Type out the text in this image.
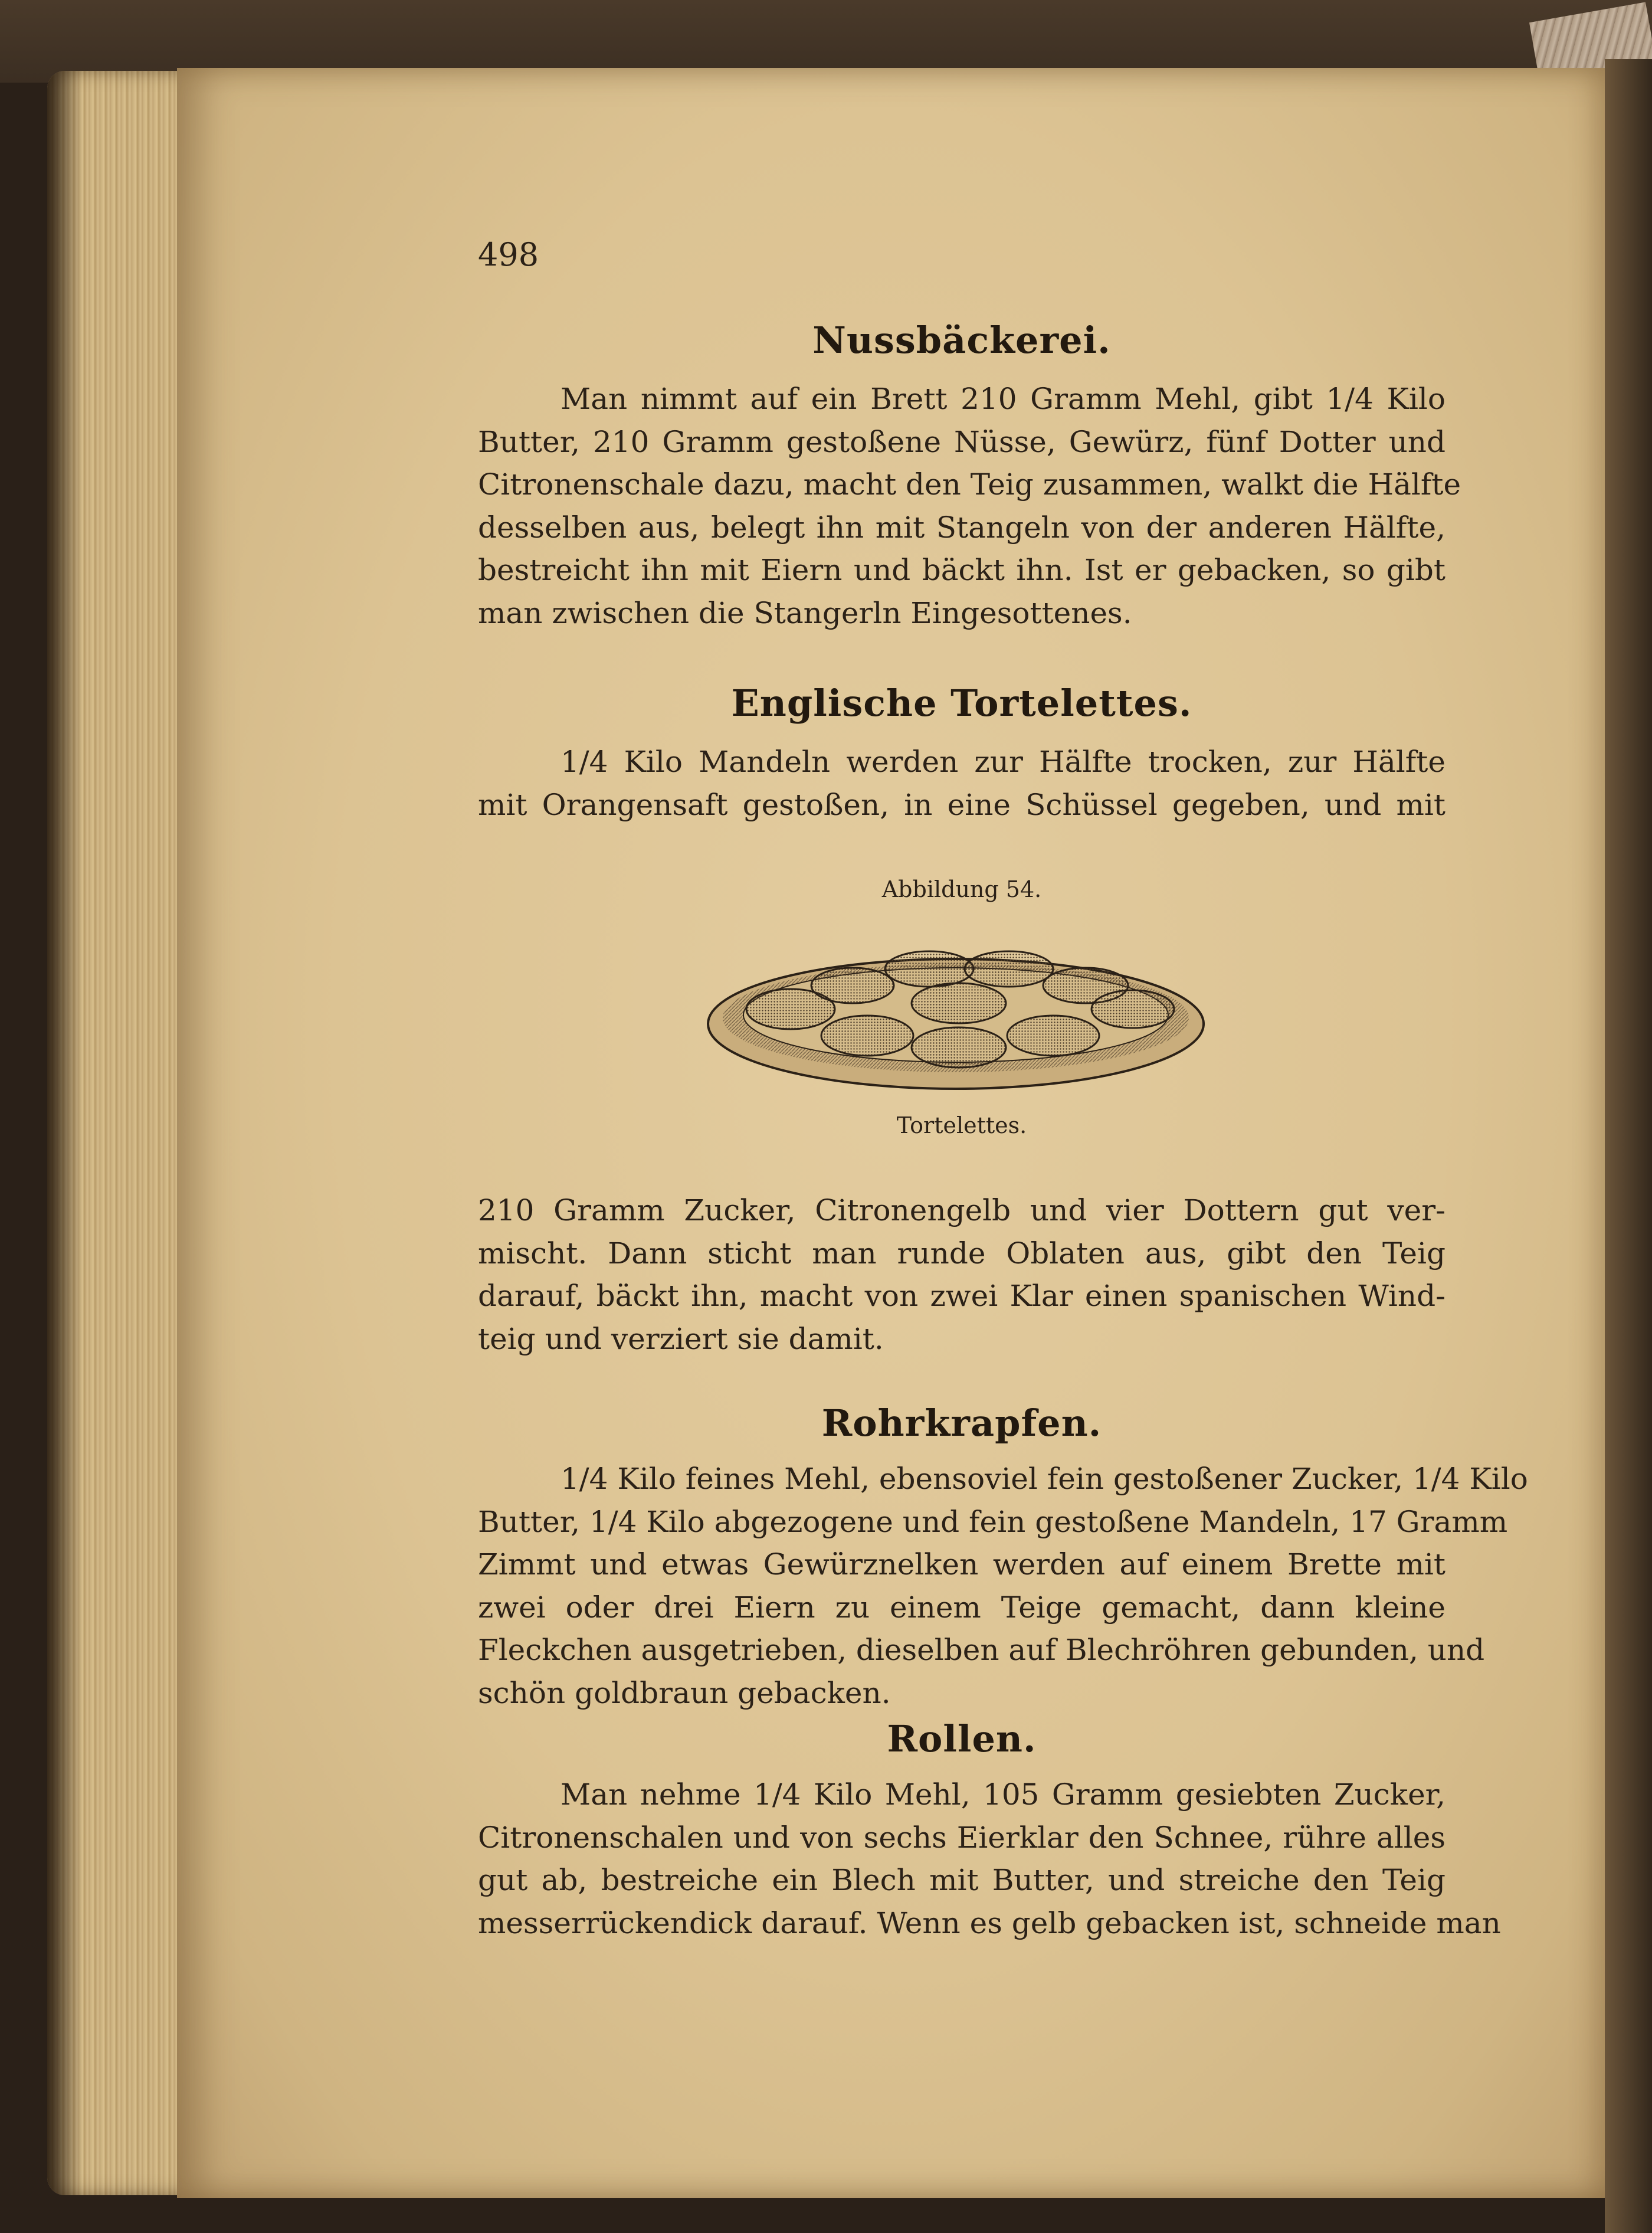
498
Nussbäckerei.
Man nimmt auf ein Brett 210 Gramm Mehl, gibt 1/4 Kilo
Butter, 210 Gramm gestoßene Nüsse, Gewürz, fünf Dotter und
Citronenschale dazu, macht den Teig zusammen, walkt die Hälfte
desselben aus, belegt ihn mit Stangeln von der anderen Hälfte,
bestreicht ihn mit Eiern und bäckt ihn. Ist er gebacken, so gibt
man zwischen die Stangerln Eingesottenes.
Englische Tortelettes.
1/4 Kilo Mandeln werden zur Hälfte trocken, zur Hälfte
mit Orangensaft gestoßen, in eine Schüssel gegeben, und mit
Abbildung 54.
Tortelettes.
210 Gramm Zucker, Citronengelb und vier Dottern gut ver-
mischt. Dann sticht man runde Oblaten aus, gibt den Teig
darauf, bäckt ihn, macht von zwei Klar einen spanischen Wind-
teig und verziert sie damit.
Rohrkrapfen.
1/4 Kilo feines Mehl, ebensoviel fein gestoßener Zucker, 1/4 Kilo
Butter, 1/4 Kilo abgezogene und fein gestoßene Mandeln, 17 Gramm
Zimmt und etwas Gewürznelken werden auf einem Brette mit
zwei oder drei Eiern zu einem Teige gemacht, dann kleine
Fleckchen ausgetrieben, dieselben auf Blechröhren gebunden, und
schön goldbraun gebacken.
Rollen.
Man nehme 1/4 Kilo Mehl, 105 Gramm gesiebten Zucker,
Citronenschalen und von sechs Eierklar den Schnee, rühre alles
gut ab, bestreiche ein Blech mit Butter, und streiche den Teig
messerrückendick darauf. Wenn es gelb gebacken ist, schneide man
